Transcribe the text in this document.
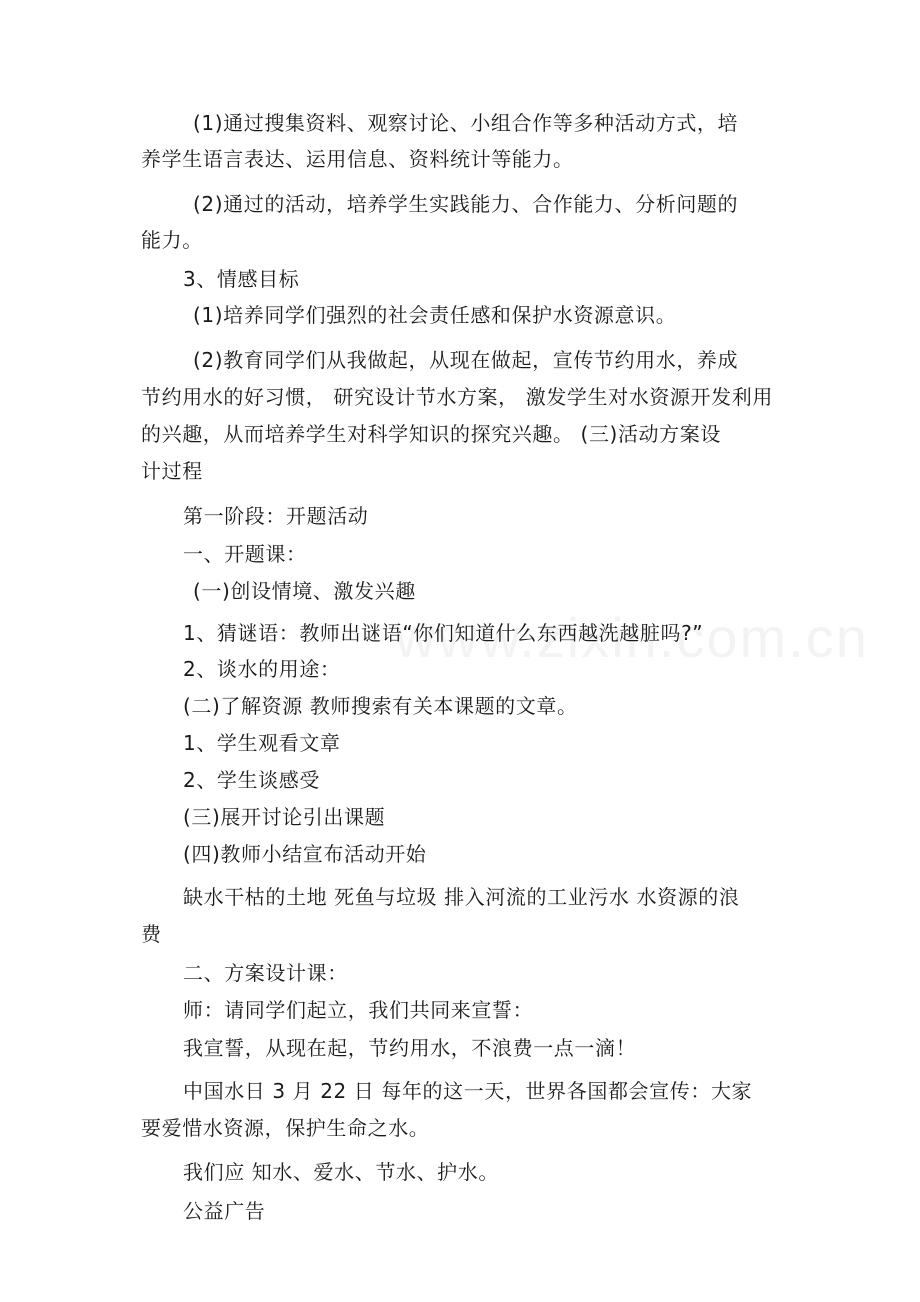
(1)通过搜集资料、观察讨论、小组合作等多种活动方式，培
养学生语言表达、运用信息、资料统计等能力。
(2)通过的活动，培养学生实践能力、合作能力、分析问题的
能力。
3、情感目标
(1)培养同学们强烈的社会责任感和保护水资源意识。
(2)教育同学们从我做起，从现在做起，宣传节约用水，养成
节约用水的好习惯， 研究设计节水方案， 激发学生对水资源开发利用
的兴趣，从而培养学生对科学知识的探究兴趣。 (三)活动方案设
计过程
第一阶段：开题活动
一、开题课：
(一)创设情境、激发兴趣
1、猜谜语：教师出谜语“你们知道什么东西越洗越脏吗?”
2、谈水的用途：
(二)了解资源 教师搜索有关本课题的文章。
1、学生观看文章
2、学生谈感受
(三)展开讨论引出课题
(四)教师小结宣布活动开始
缺水干枯的土地 死鱼与垃圾 排入河流的工业污水 水资源的浪
费
二、方案设计课：
师：请同学们起立，我们共同来宣誓：
我宣誓，从现在起，节约用水，不浪费一点一滴！
中国水日 3 月 22 日 每年的这一天，世界各国都会宣传：大家
要爱惜水资源，保护生命之水。
我们应 知水、爱水、节水、护水。
公益广告
